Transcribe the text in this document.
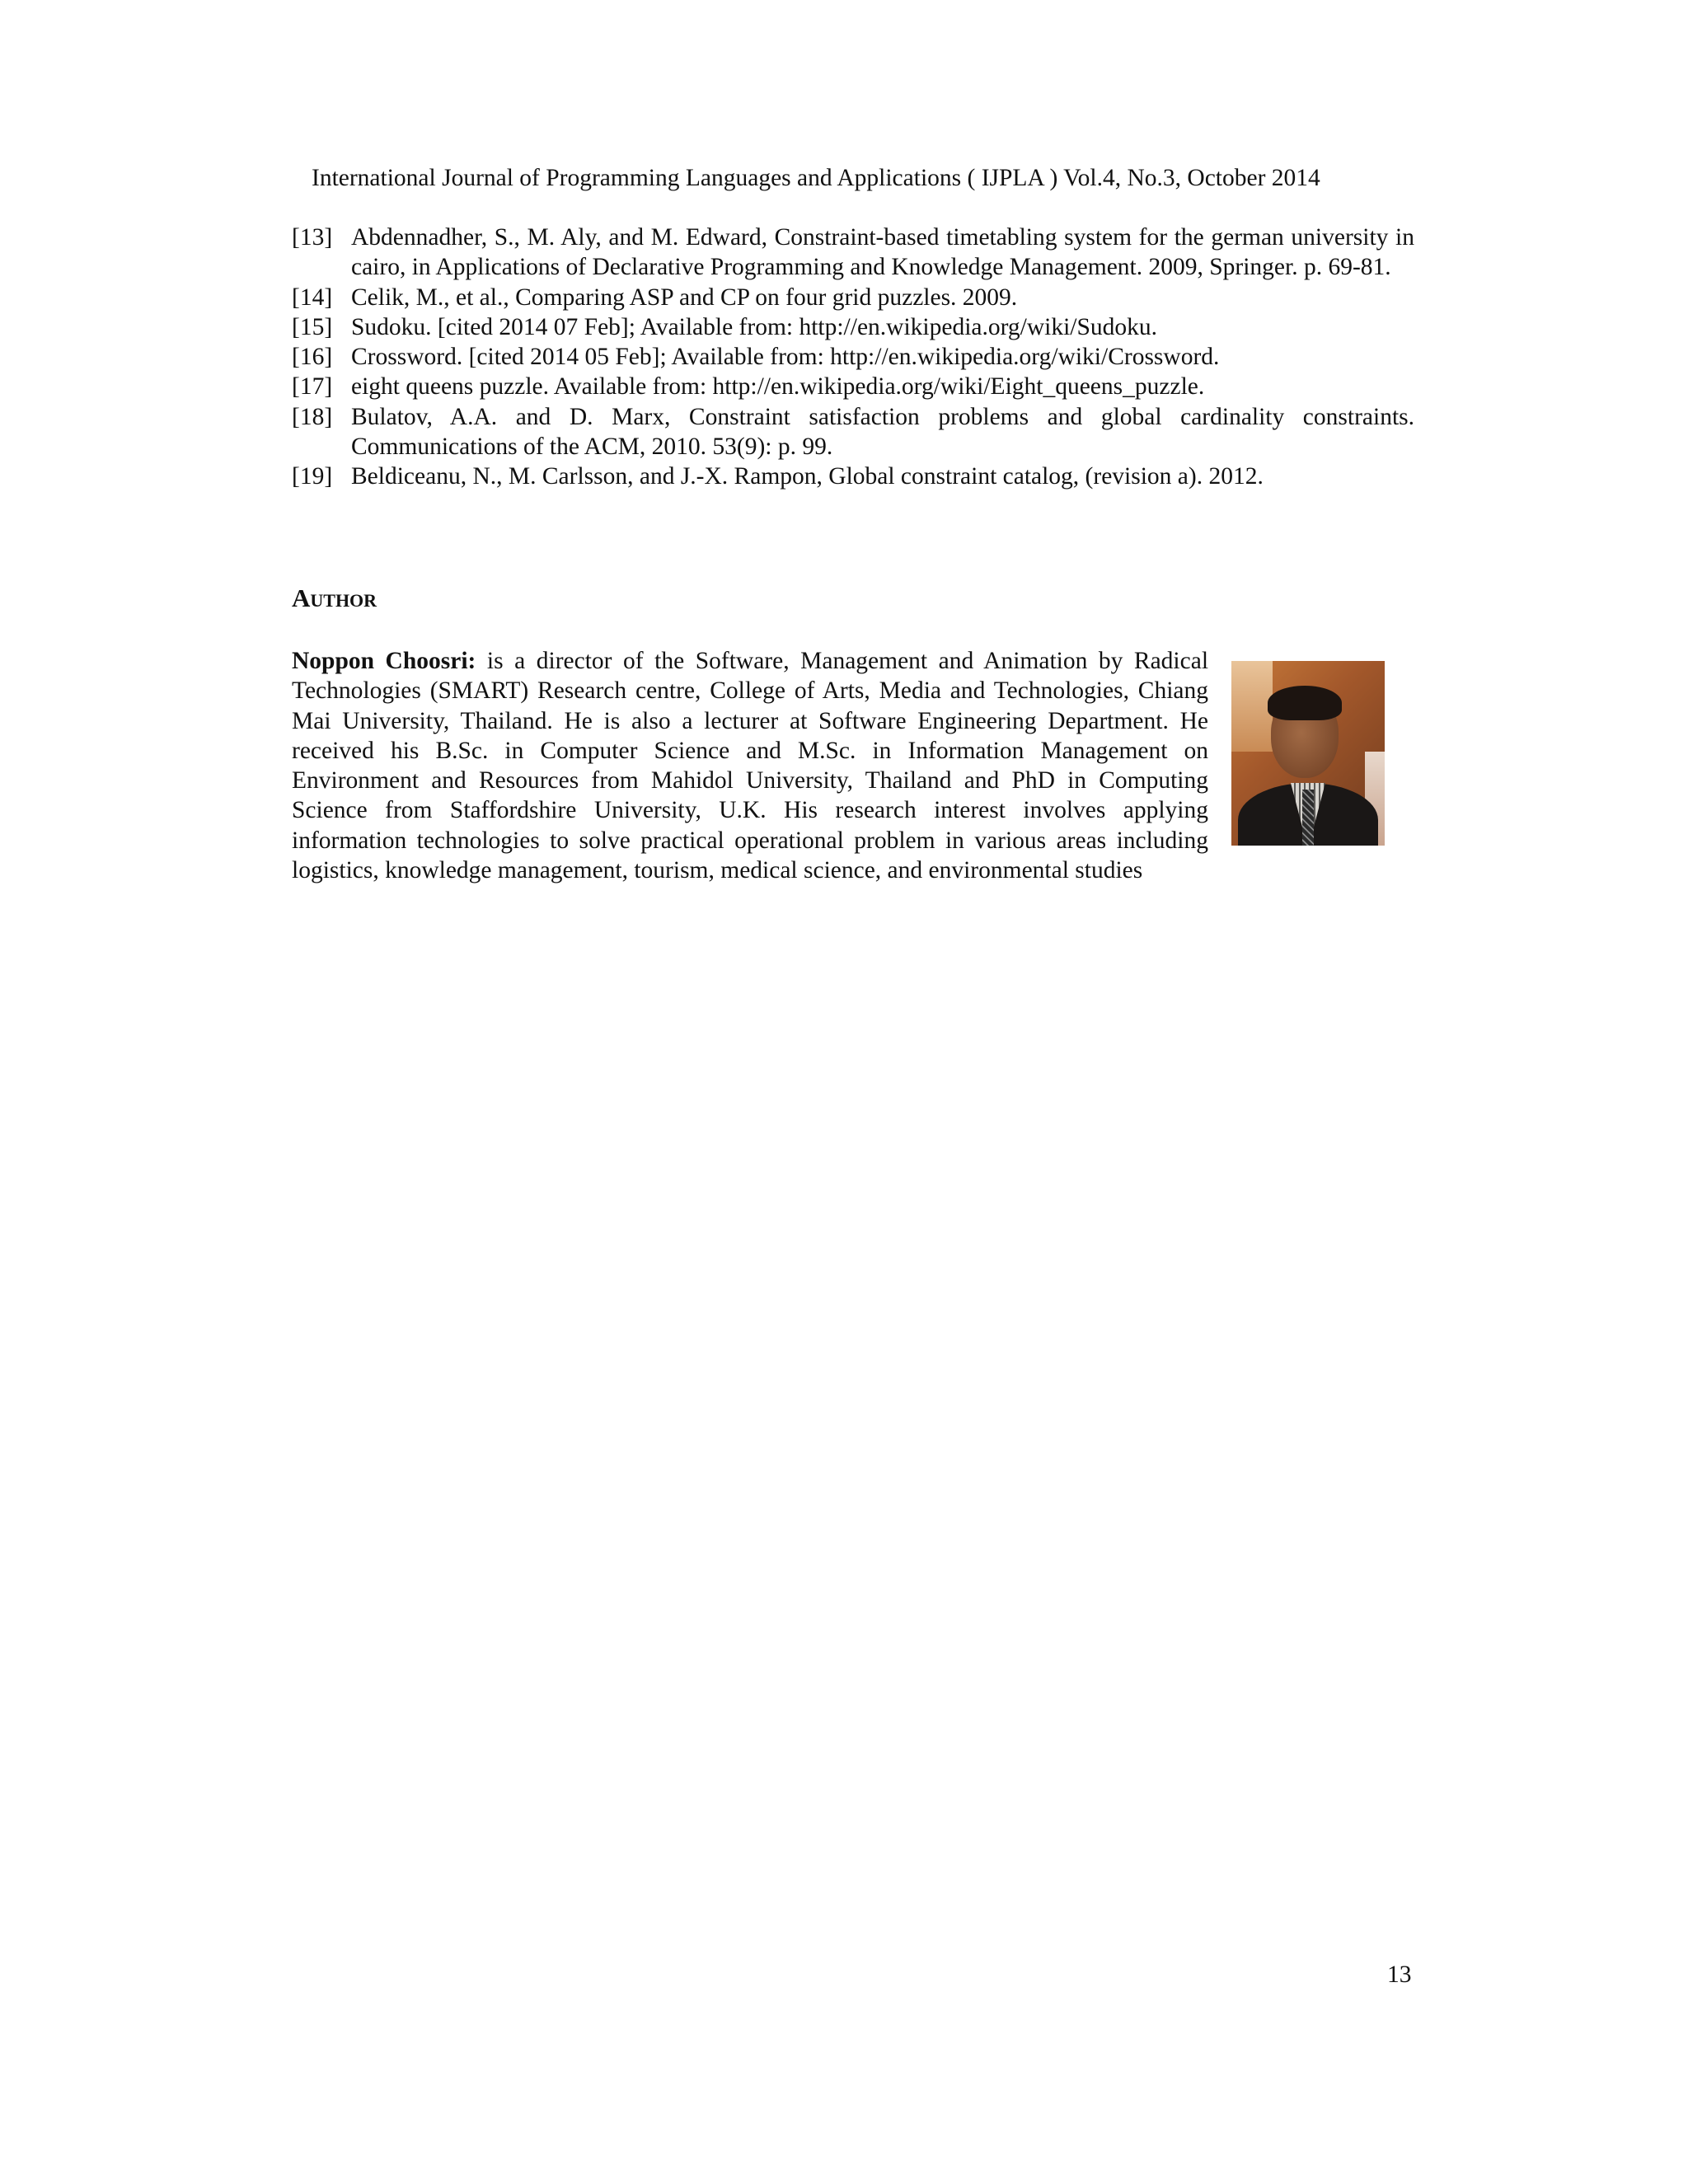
International Journal of Programming Languages and Applications ( IJPLA ) Vol.4, No.3, October 2014
[13] Abdennadher, S., M. Aly, and M. Edward, Constraint-based timetabling system for the german university in cairo, in Applications of Declarative Programming and Knowledge Management. 2009, Springer. p. 69-81.
[14] Celik, M., et al., Comparing ASP and CP on four grid puzzles. 2009.
[15] Sudoku. [cited 2014 07 Feb]; Available from: http://en.wikipedia.org/wiki/Sudoku.
[16] Crossword. [cited 2014 05 Feb]; Available from: http://en.wikipedia.org/wiki/Crossword.
[17] eight queens puzzle. Available from: http://en.wikipedia.org/wiki/Eight_queens_puzzle.
[18] Bulatov, A.A. and D. Marx, Constraint satisfaction problems and global cardinality constraints. Communications of the ACM, 2010. 53(9): p. 99.
[19] Beldiceanu, N., M. Carlsson, and J.-X. Rampon, Global constraint catalog, (revision a). 2012.
Author

Noppon Choosri: is a director of the Software, Management and Animation by Radical Technologies (SMART) Research centre, College of Arts, Media and Technologies, Chiang Mai University, Thailand. He is also a lecturer at Software Engineering Department. He received his B.Sc. in Computer Science and M.Sc. in Information Management on Environment and Resources from Mahidol University, Thailand and PhD in Computing Science from Staffordshire University, U.K. His research interest involves applying information technologies to solve practical operational problem in various areas including logistics, knowledge management, tourism, medical science, and environmental studies

13
